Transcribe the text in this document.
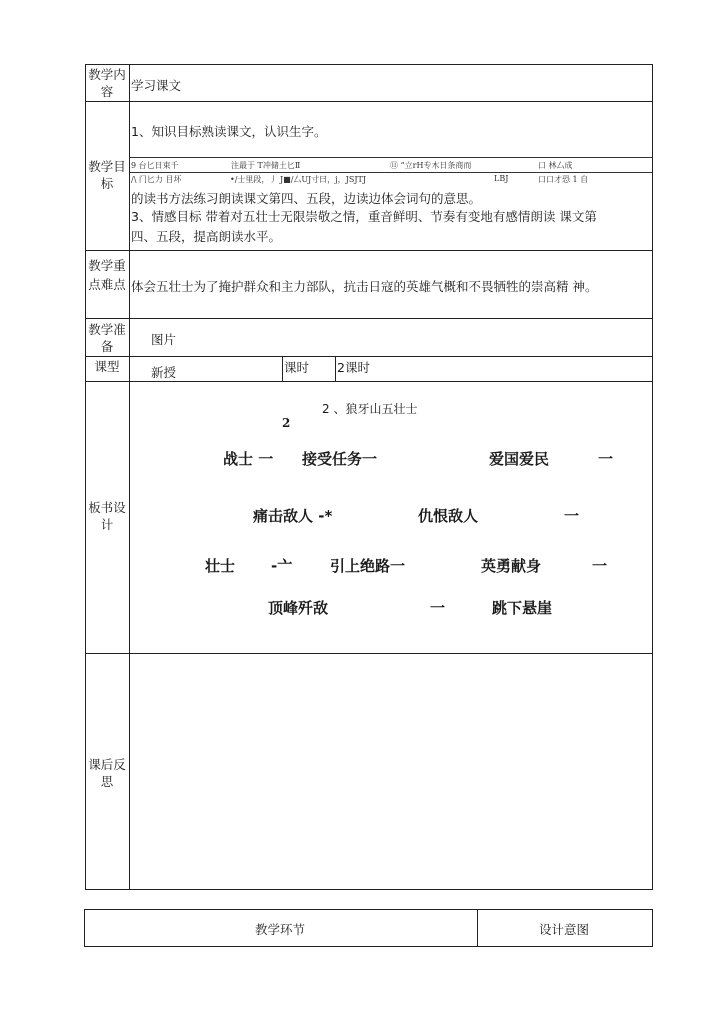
教学内容	学习课文
教学目标
1、知识目标熟读课文，认识生字。
9 台匕日束千	注最于 T冲储土匕Ⅱ	⑪ “立rH专木日条商而	口 林厶成
/\ 门匕力 目坏	•/士里段，丿 J■/厶UJ寸曰，j，JSJTJ	LBJ	口口才恐 1 自
的读书方法练习朗读课文第四、五段，边读边体会词句的意思。
3、情感目标 带着对五壮士无限崇敬之情，重音鲜明、节奏有变地有感情朗读 课文第
四、五段，提高朗读水平。
教学重点难点 体会五壮士为了掩护群众和主力部队，抗击日寇的英雄气概和不畏牺牲的崇高精 神。
教学准备	图片
课型	新授	课时 2课时
板书设计
2 、狼牙山五壮士
2
战士 一 接受任务一	爱国爱民	一
痛击敌人 -*	仇恨敌人	一
壮士 -亠	引上绝路一	英勇献身	一
顶峰歼敌	一	跳下悬崖
课后反思
教学环节	设计意图
